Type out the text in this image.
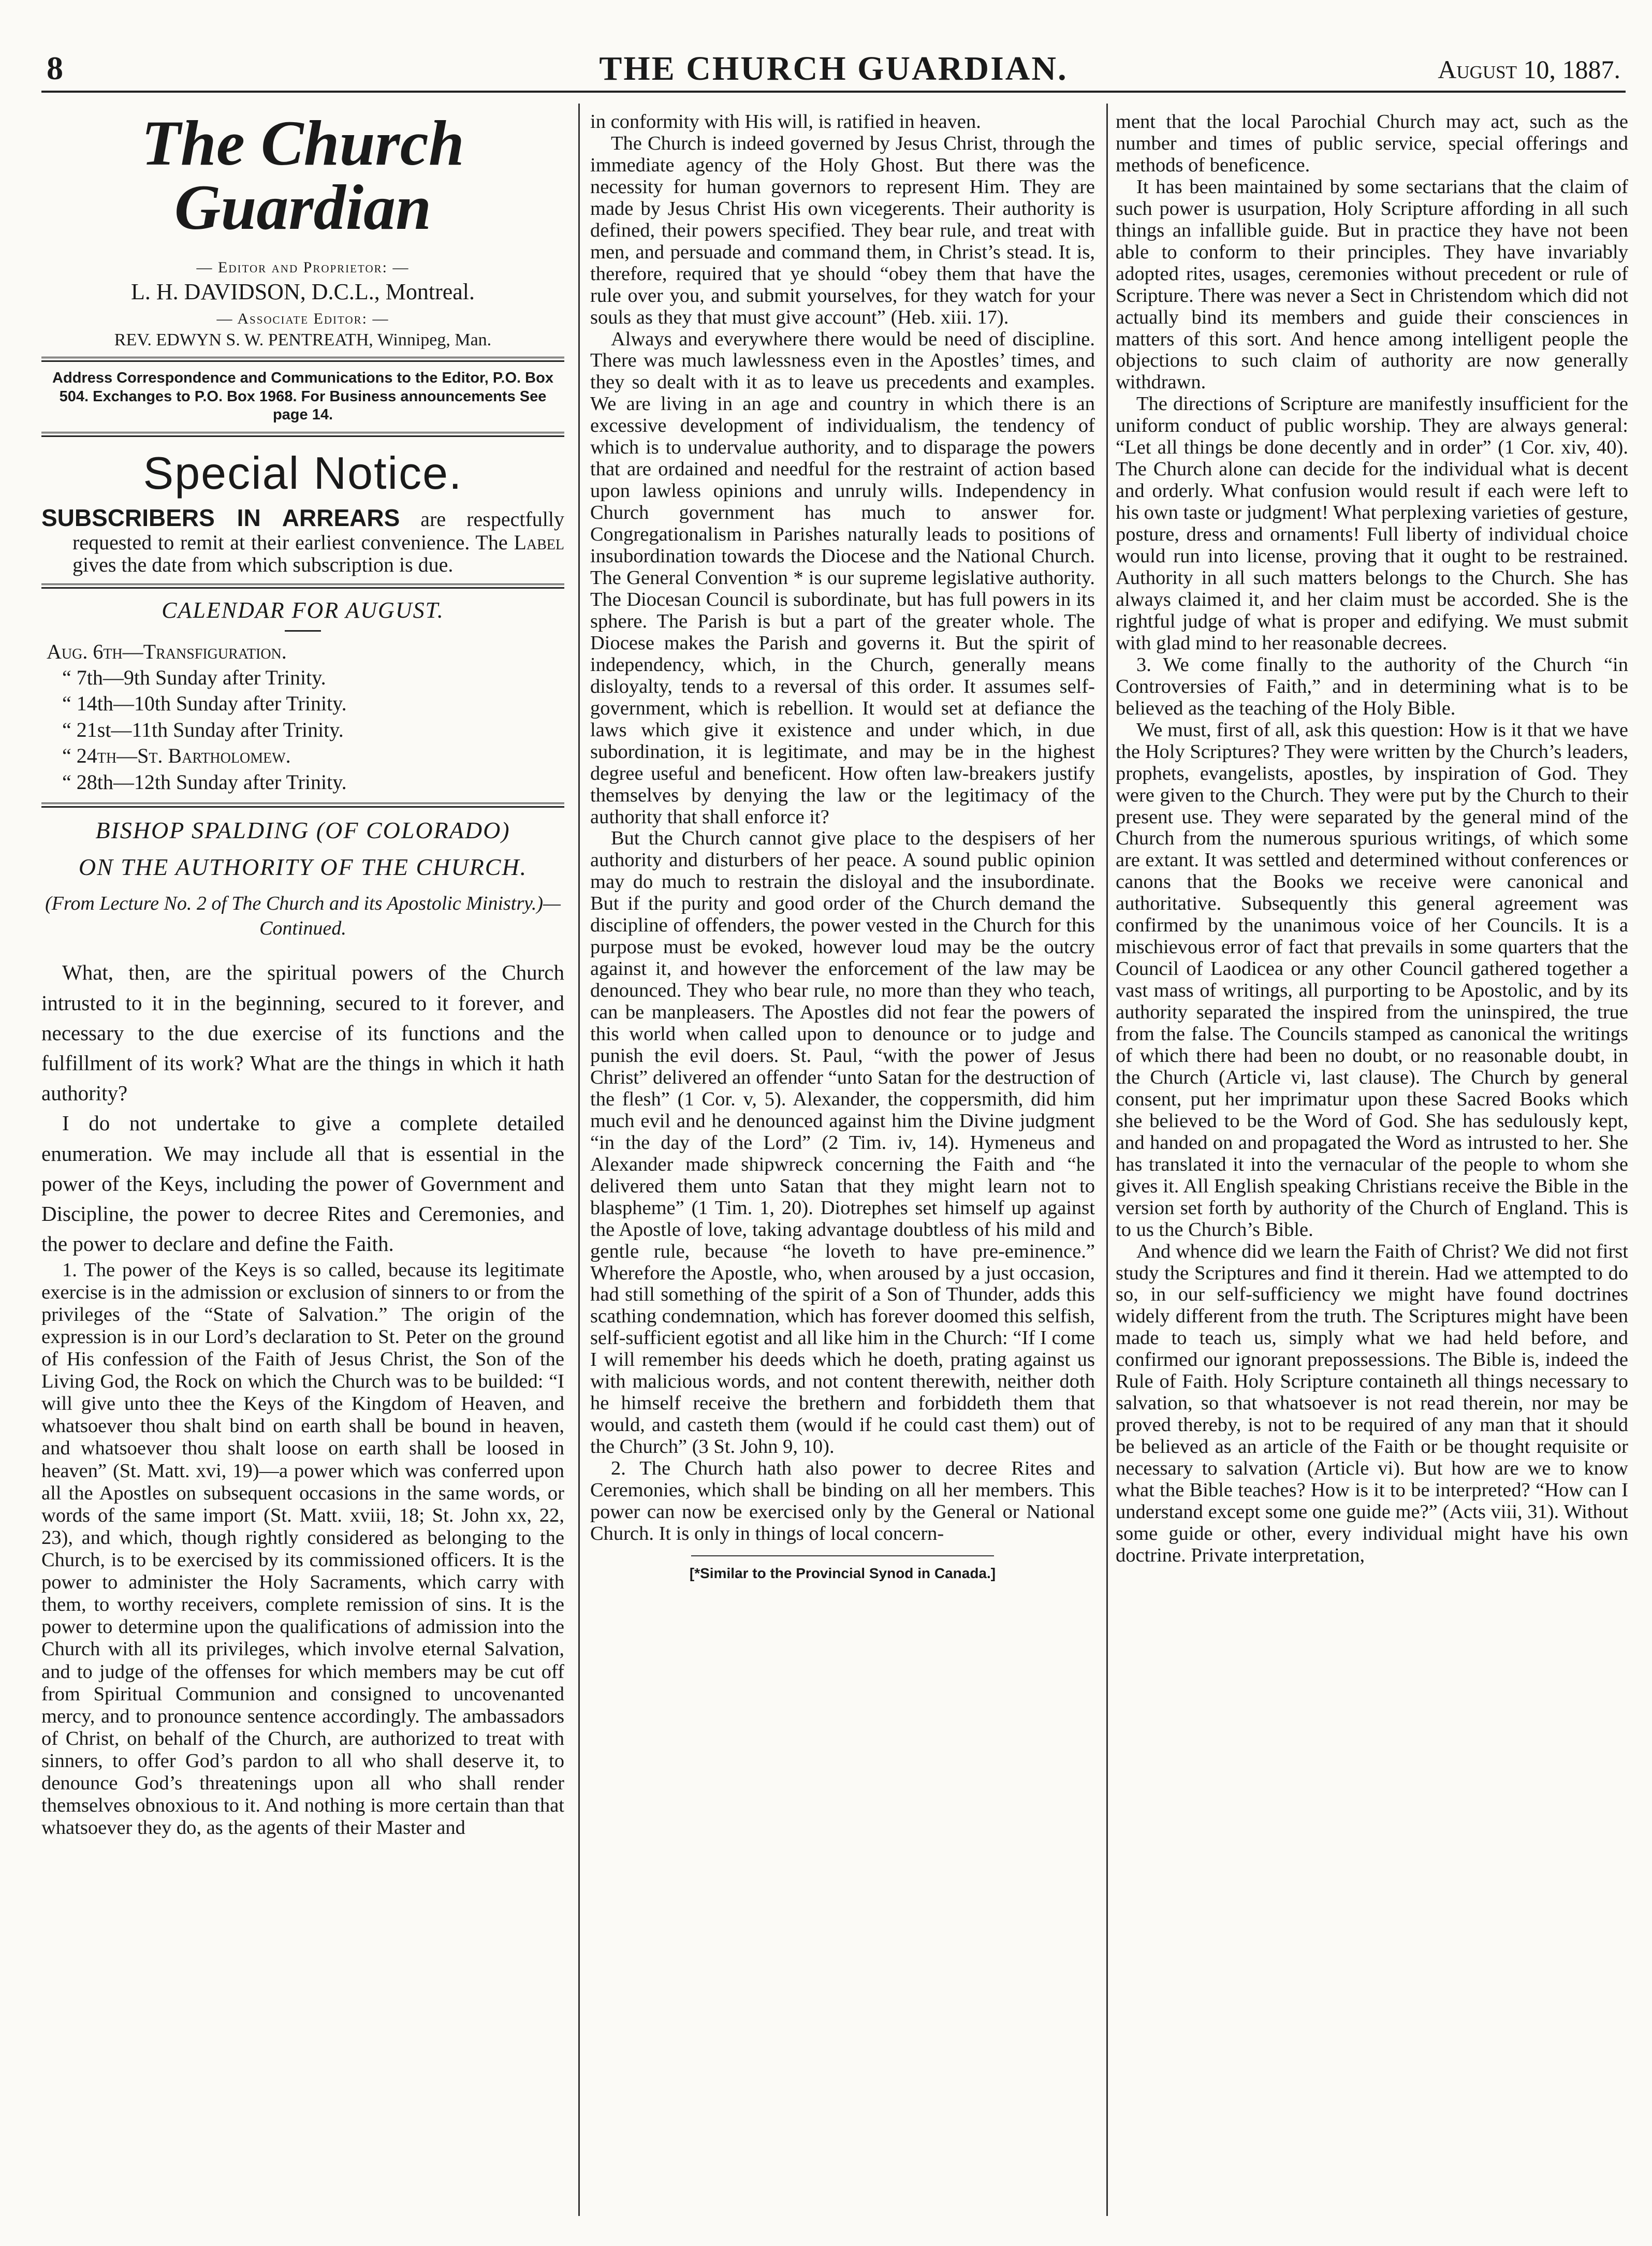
8	THE CHURCH GUARDIAN.	August 10, 1887.
The Church Guardian
— Editor and Proprietor: —
L. H. DAVIDSON, D.C.L., Montreal.
— Associate Editor: —
REV. EDWYN S. W. PENTREATH, Winnipeg, Man.
Address Correspondence and Communications to the Editor, P.O. Box 504. Exchanges to P.O. Box 1968. For Business announcements See page 14.
Special Notice.
SUBSCRIBERS IN ARREARS are respectfully requested to remit at their earliest convenience. The Label gives the date from which subscription is due.
CALENDAR FOR AUGUST.
Aug. 6th—Transfiguration.
“ 7th—9th Sunday after Trinity.
“ 14th—10th Sunday after Trinity.
“ 21st—11th Sunday after Trinity.
“ 24th—St. Bartholomew.
“ 28th—12th Sunday after Trinity.
BISHOP SPALDING (OF COLORADO)
ON THE AUTHORITY OF THE CHURCH.
(From Lecture No. 2 of The Church and its Apostolic Ministry.)—Continued.

What, then, are the spiritual powers of the Church intrusted to it in the beginning, secured to it forever, and necessary to the due exercise of its functions and the fulfillment of its work? What are the things in which it hath authority?

I do not undertake to give a complete detailed enumeration. We may include all that is essential in the power of the Keys, including the power of Government and Discipline, the power to decree Rites and Ceremonies, and the power to declare and define the Faith.

1. The power of the Keys is so called, because its legitimate exercise is in the admission or exclusion of sinners to or from the privileges of the “State of Salvation.” The origin of the expression is in our Lord’s declaration to St. Peter on the ground of His confession of the Faith of Jesus Christ, the Son of the Living God, the Rock on which the Church was to be builded: “I will give unto thee the Keys of the Kingdom of Heaven, and whatsoever thou shalt bind on earth shall be bound in heaven, and whatsoever thou shalt loose on earth shall be loosed in heaven” (St. Matt. xvi, 19)—a power which was conferred upon all the Apostles on subsequent occasions in the same words, or words of the same import (St. Matt. xviii, 18; St. John xx, 22, 23), and which, though rightly considered as belonging to the Church, is to be exercised by its commissioned officers. It is the power to administer the Holy Sacraments, which carry with them, to worthy receivers, complete remission of sins. It is the power to determine upon the qualifications of admission into the Church with all its privileges, which involve eternal Salvation, and to judge of the offenses for which members may be cut off from Spiritual Communion and consigned to uncovenanted mercy, and to pronounce sentence accordingly. The ambassadors of Christ, on behalf of the Church, are authorized to treat with sinners, to offer God’s pardon to all who shall deserve it, to denounce God’s threatenings upon all who shall render themselves obnoxious to it. And nothing is more certain than that whatsoever they do, as the agents of their Master and

in conformity with His will, is ratified in heaven.

The Church is indeed governed by Jesus Christ, through the immediate agency of the Holy Ghost. But there was the necessity for human governors to represent Him. They are made by Jesus Christ His own vicegerents. Their authority is defined, their powers specified. They bear rule, and treat with men, and persuade and command them, in Christ’s stead. It is, therefore, required that ye should “obey them that have the rule over you, and submit yourselves, for they watch for your souls as they that must give account” (Heb. xiii. 17).

Always and everywhere there would be need of discipline. There was much lawlessness even in the Apostles’ times, and they so dealt with it as to leave us precedents and examples. We are living in an age and country in which there is an excessive development of individualism, the tendency of which is to undervalue authority, and to disparage the powers that are ordained and needful for the restraint of action based upon lawless opinions and unruly wills. Independency in Church government has much to answer for. Congregationalism in Parishes naturally leads to positions of insubordination towards the Diocese and the National Church. The General Convention * is our supreme legislative authority. The Diocesan Council is subordinate, but has full powers in its sphere. The Parish is but a part of the greater whole. The Diocese makes the Parish and governs it. But the spirit of independency, which, in the Church, generally means disloyalty, tends to a reversal of this order. It assumes self-government, which is rebellion. It would set at defiance the laws which give it existence and under which, in due subordination, it is legitimate, and may be in the highest degree useful and beneficent. How often law-breakers justify themselves by denying the law or the legitimacy of the authority that shall enforce it?

But the Church cannot give place to the despisers of her authority and disturbers of her peace. A sound public opinion may do much to restrain the disloyal and the insubordinate. But if the purity and good order of the Church demand the discipline of offenders, the power vested in the Church for this purpose must be evoked, however loud may be the outcry against it, and however the enforcement of the law may be denounced. They who bear rule, no more than they who teach, can be manpleasers. The Apostles did not fear the powers of this world when called upon to denounce or to judge and punish the evil doers. St. Paul, “with the power of Jesus Christ” delivered an offender “unto Satan for the destruction of the flesh” (1 Cor. v, 5). Alexander, the coppersmith, did him much evil and he denounced against him the Divine judgment “in the day of the Lord” (2 Tim. iv, 14). Hymeneus and Alexander made shipwreck concerning the Faith and “he delivered them unto Satan that they might learn not to blaspheme” (1 Tim. 1, 20). Diotrephes set himself up against the Apostle of love, taking advantage doubtless of his mild and gentle rule, because “he loveth to have pre-eminence.” Wherefore the Apostle, who, when aroused by a just occasion, had still something of the spirit of a Son of Thunder, adds this scathing condemnation, which has forever doomed this selfish, self-sufficient egotist and all like him in the Church: “If I come I will remember his deeds which he doeth, prating against us with malicious words, and not content therewith, neither doth he himself receive the brethern and forbiddeth them that would, and casteth them (would if he could cast them) out of the Church” (3 St. John 9, 10).

2. The Church hath also power to decree Rites and Ceremonies, which shall be binding on all her members. This power can now be exercised only by the General or National Church. It is only in things of local concern-

[*Similar to the Provincial Synod in Canada.]

ment that the local Parochial Church may act, such as the number and times of public service, special offerings and methods of beneficence.

It has been maintained by some sectarians that the claim of such power is usurpation, Holy Scripture affording in all such things an infallible guide. But in practice they have not been able to conform to their principles. They have invariably adopted rites, usages, ceremonies without precedent or rule of Scripture. There was never a Sect in Christendom which did not actually bind its members and guide their consciences in matters of this sort. And hence among intelligent people the objections to such claim of authority are now generally withdrawn.

The directions of Scripture are manifestly insufficient for the uniform conduct of public worship. They are always general: “Let all things be done decently and in order” (1 Cor. xiv, 40). The Church alone can decide for the individual what is decent and orderly. What confusion would result if each were left to his own taste or judgment! What perplexing varieties of gesture, posture, dress and ornaments! Full liberty of individual choice would run into license, proving that it ought to be restrained. Authority in all such matters belongs to the Church. She has always claimed it, and her claim must be accorded. She is the rightful judge of what is proper and edifying. We must submit with glad mind to her reasonable decrees.

3. We come finally to the authority of the Church “in Controversies of Faith,” and in determining what is to be believed as the teaching of the Holy Bible.

We must, first of all, ask this question: How is it that we have the Holy Scriptures? They were written by the Church’s leaders, prophets, evangelists, apostles, by inspiration of God. They were given to the Church. They were put by the Church to their present use. They were separated by the general mind of the Church from the numerous spurious writings, of which some are extant. It was settled and determined without conferences or canons that the Books we receive were canonical and authoritative. Subsequently this general agreement was confirmed by the unanimous voice of her Councils. It is a mischievous error of fact that prevails in some quarters that the Council of Laodicea or any other Council gathered together a vast mass of writings, all purporting to be Apostolic, and by its authority separated the inspired from the uninspired, the true from the false. The Councils stamped as canonical the writings of which there had been no doubt, or no reasonable doubt, in the Church (Article vi, last clause). The Church by general consent, put her imprimatur upon these Sacred Books which she believed to be the Word of God. She has sedulously kept, and handed on and propagated the Word as intrusted to her. She has translated it into the vernacular of the people to whom she gives it. All English speaking Christians receive the Bible in the version set forth by authority of the Church of England. This is to us the Church’s Bible.

And whence did we learn the Faith of Christ? We did not first study the Scriptures and find it therein. Had we attempted to do so, in our self-sufficiency we might have found doctrines widely different from the truth. The Scriptures might have been made to teach us, simply what we had held before, and confirmed our ignorant prepossessions. The Bible is, indeed the Rule of Faith. Holy Scripture containeth all things necessary to salvation, so that whatsoever is not read therein, nor may be proved thereby, is not to be required of any man that it should be believed as an article of the Faith or be thought requisite or necessary to salvation (Article vi). But how are we to know what the Bible teaches? How is it to be interpreted? “How can I understand except some one guide me?” (Acts viii, 31). Without some guide or other, every individual might have his own doctrine. Private interpretation,
